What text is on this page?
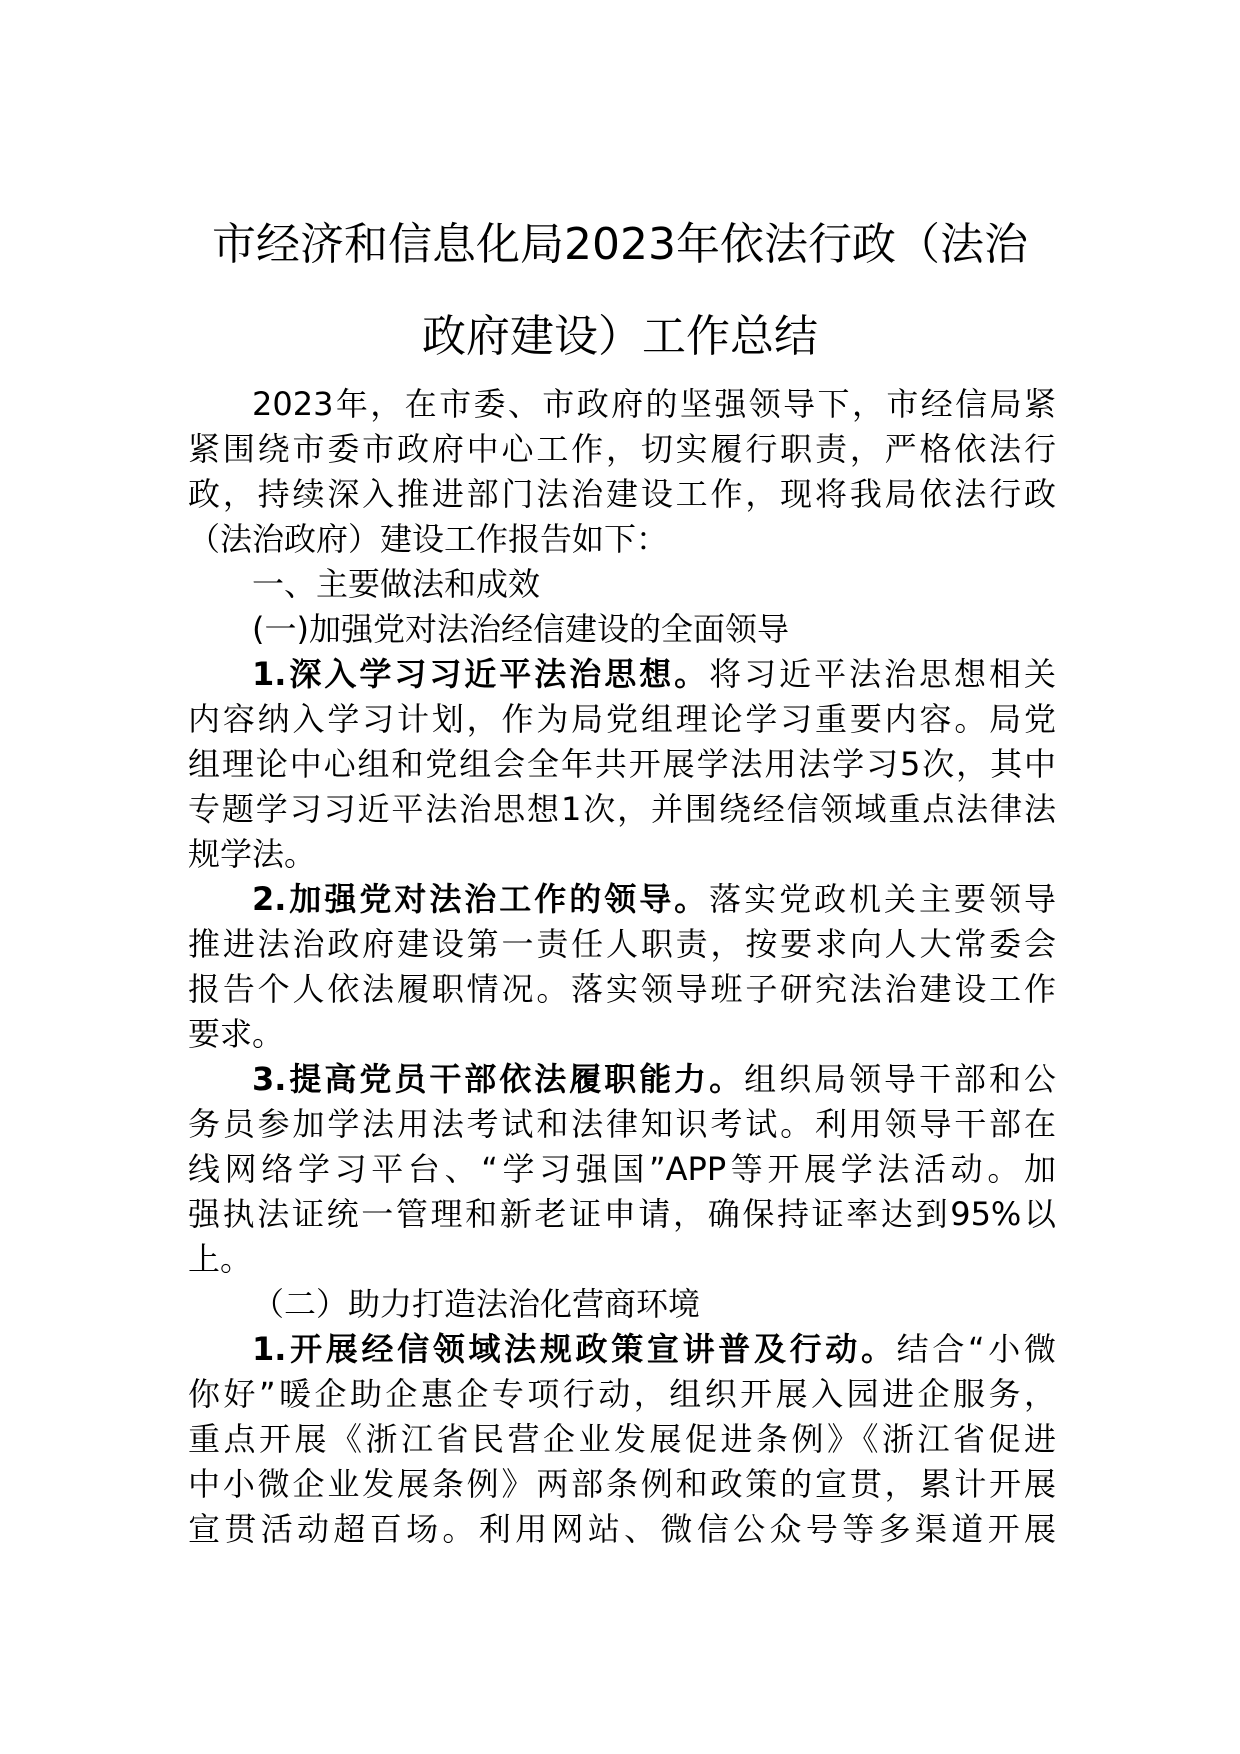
市经济和信息化局2023年依法行政（法治
政府建设）工作总结
2023年，在市委、市政府的坚强领导下，市经信局紧
紧围绕市委市政府中心工作，切实履行职责，严格依法行
政，持续深入推进部门法治建设工作，现将我局依法行政
（法治政府）建设工作报告如下：
一、主要做法和成效
(一)加强党对法治经信建设的全面领导
1.深入学习习近平法治思想。将习近平法治思想相关
内容纳入学习计划，作为局党组理论学习重要内容。局党
组理论中心组和党组会全年共开展学法用法学习5次，其中
专题学习习近平法治思想1次，并围绕经信领域重点法律法
规学法。
2.加强党对法治工作的领导。落实党政机关主要领导
推进法治政府建设第一责任人职责，按要求向人大常委会
报告个人依法履职情况。落实领导班子研究法治建设工作
要求。
3.提高党员干部依法履职能力。组织局领导干部和公
务员参加学法用法考试和法律知识考试。利用领导干部在
线网络学习平台、“学习强国”APP等开展学法活动。加
强执法证统一管理和新老证申请，确保持证率达到95%以
上。
（二）助力打造法治化营商环境
1.开展经信领域法规政策宣讲普及行动。结合“小微
你好”暖企助企惠企专项行动，组织开展入园进企服务，
重点开展《浙江省民营企业发展促进条例》《浙江省促进
中小微企业发展条例》两部条例和政策的宣贯，累计开展
宣贯活动超百场。利用网站、微信公众号等多渠道开展
